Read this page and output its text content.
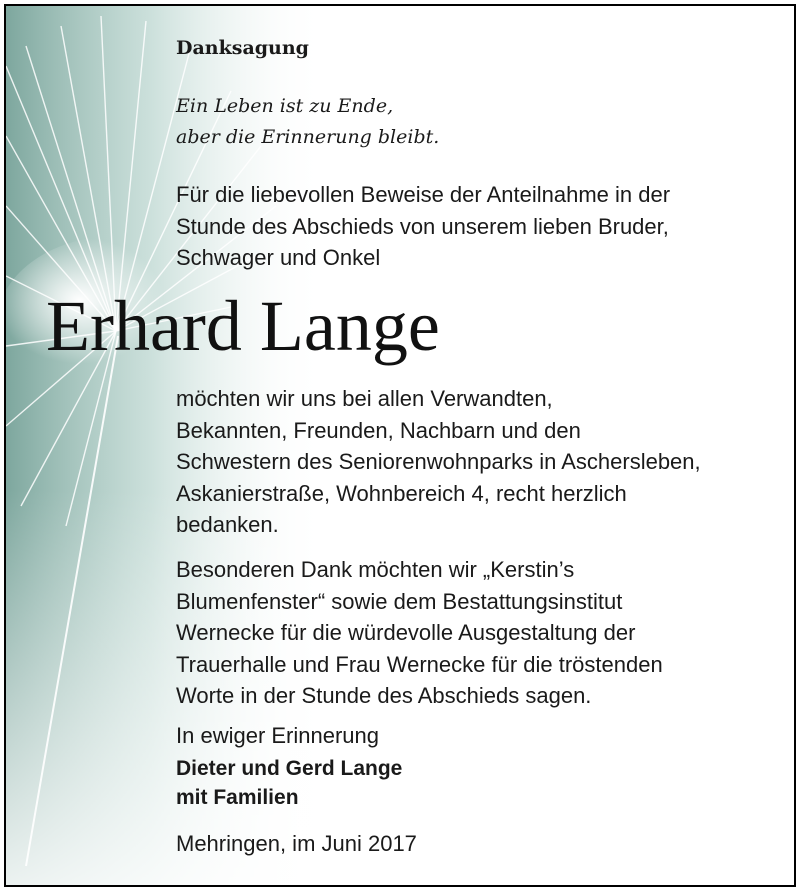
Danksagung
Ein Leben ist zu Ende,
aber die Erinnerung bleibt.
Für die liebevollen Beweise der Anteilnahme in der
Stunde des Abschieds von unserem lieben Bruder,
Schwager und Onkel
Erhard Lange
möchten wir uns bei allen Verwandten,
Bekannten, Freunden, Nachbarn und den
Schwestern des Seniorenwohnparks in Aschersleben,
Askanierstraße, Wohnbereich 4, recht herzlich
bedanken.
Besonderen Dank möchten wir „Kerstin’s
Blumenfenster“ sowie dem Bestattungsinstitut
Wernecke für die würdevolle Ausgestaltung der
Trauerhalle und Frau Wernecke für die tröstenden
Worte in der Stunde des Abschieds sagen.
In ewiger Erinnerung
Dieter und Gerd Lange
mit Familien
Mehringen, im Juni 2017
